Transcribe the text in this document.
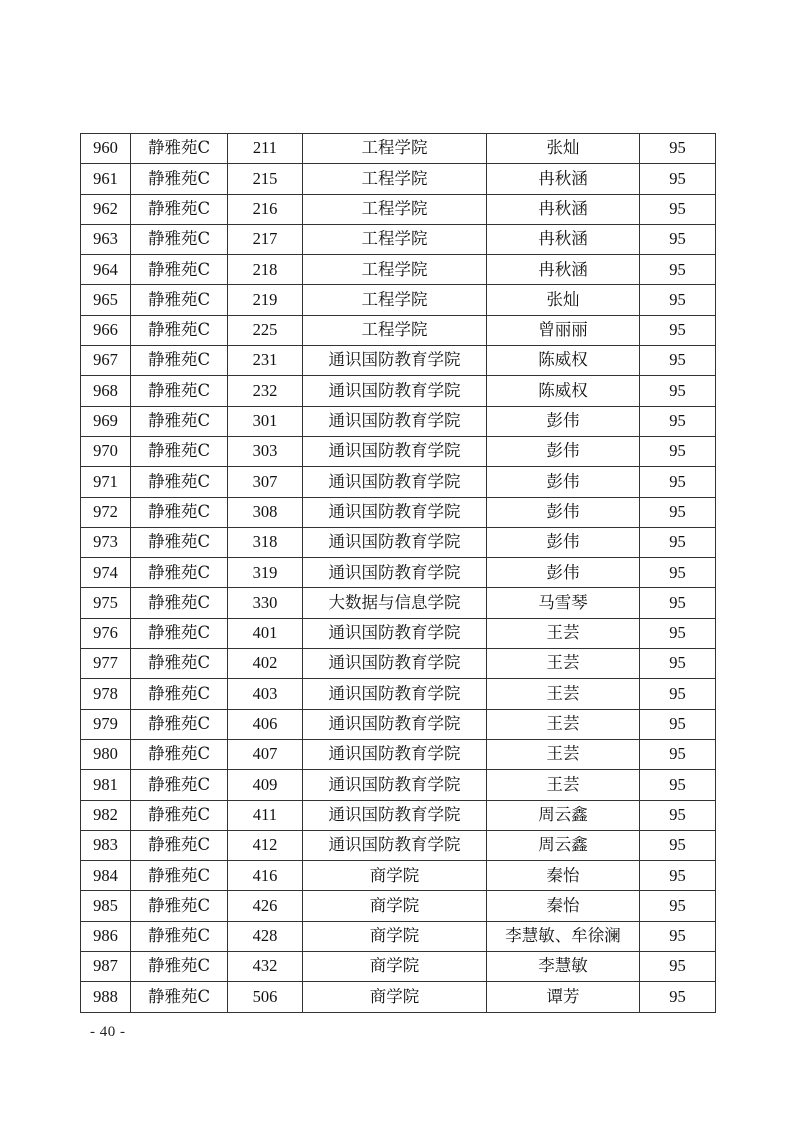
960	静雅苑C	211	工程学院	张灿	95
961	静雅苑C	215	工程学院	冉秋涵	95
962	静雅苑C	216	工程学院	冉秋涵	95
963	静雅苑C	217	工程学院	冉秋涵	95
964	静雅苑C	218	工程学院	冉秋涵	95
965	静雅苑C	219	工程学院	张灿	95
966	静雅苑C	225	工程学院	曾丽丽	95
967	静雅苑C	231	通识国防教育学院	陈威权	95
968	静雅苑C	232	通识国防教育学院	陈威权	95
969	静雅苑C	301	通识国防教育学院	彭伟	95
970	静雅苑C	303	通识国防教育学院	彭伟	95
971	静雅苑C	307	通识国防教育学院	彭伟	95
972	静雅苑C	308	通识国防教育学院	彭伟	95
973	静雅苑C	318	通识国防教育学院	彭伟	95
974	静雅苑C	319	通识国防教育学院	彭伟	95
975	静雅苑C	330	大数据与信息学院	马雪琴	95
976	静雅苑C	401	通识国防教育学院	王芸	95
977	静雅苑C	402	通识国防教育学院	王芸	95
978	静雅苑C	403	通识国防教育学院	王芸	95
979	静雅苑C	406	通识国防教育学院	王芸	95
980	静雅苑C	407	通识国防教育学院	王芸	95
981	静雅苑C	409	通识国防教育学院	王芸	95
982	静雅苑C	411	通识国防教育学院	周云鑫	95
983	静雅苑C	412	通识国防教育学院	周云鑫	95
984	静雅苑C	416	商学院	秦怡	95
985	静雅苑C	426	商学院	秦怡	95
986	静雅苑C	428	商学院	李慧敏、牟徐澜	95
987	静雅苑C	432	商学院	李慧敏	95
988	静雅苑C	506	商学院	谭芳	95
- 40 -
